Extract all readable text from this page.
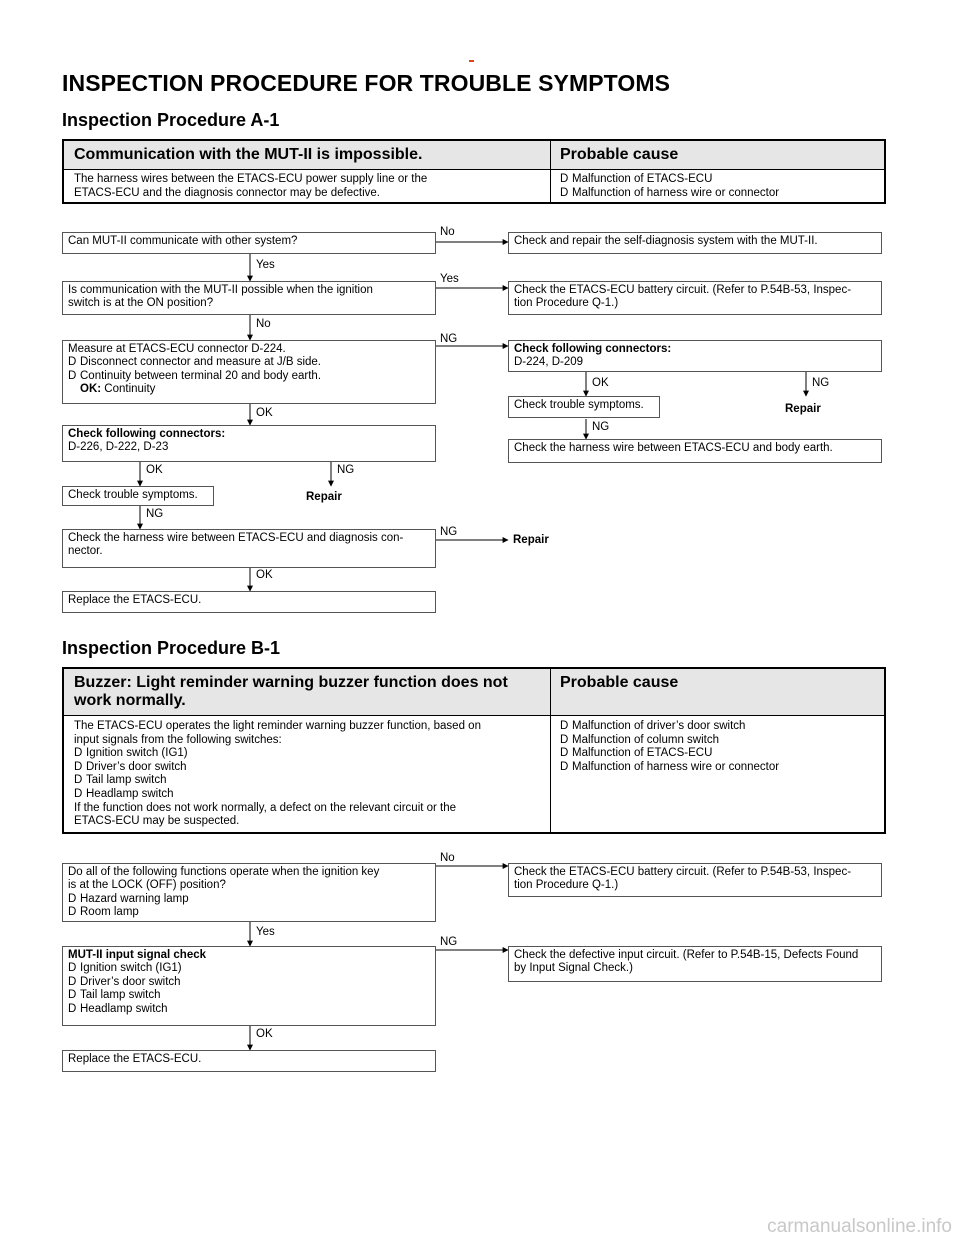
INSPECTION PROCEDURE FOR TROUBLE SYMPTOMS
Inspection Procedure A-1
Communication with the MUT-II is impossible.	Probable cause
The harness wires between the ETACS-ECU power supply line or the
ETACS-ECU and the diagnosis connector may be defective.
D Malfunction of ETACS-ECU
D Malfunction of harness wire or connector
Can MUT-II communicate with other system?
No
Yes
Is communication with the MUT-II possible when the ignition
switch is at the ON position?
Yes
No
Measure at ETACS-ECU connector D-224.
D Disconnect connector and measure at J/B side.
D Continuity between terminal 20 and body earth.
OK: Continuity
NG
OK
Check following connectors:
D-226, D-222, D-23
OK	NG
Check trouble symptoms.	Repair
NG
Check the harness wire between ETACS-ECU and diagnosis con-
nector.
NG
Repair
OK
Replace the ETACS-ECU.
Check and repair the self-diagnosis system with the MUT-II.
Check the ETACS-ECU battery circuit. (Refer to P.54B-53, Inspec-
tion Procedure Q-1.)
Check following connectors:
D-224, D-209
OK	NG
Check trouble symptoms.	Repair
NG
Check the harness wire between ETACS-ECU and body earth.
Inspection Procedure B-1
Buzzer: Light reminder warning buzzer function does not
work normally.
Probable cause
The ETACS-ECU operates the light reminder warning buzzer function, based on
input signals from the following switches:
D Ignition switch (IG1)
D Driver’s door switch
D Tail lamp switch
D Headlamp switch
If the function does not work normally, a defect on the relevant circuit or the
ETACS-ECU may be suspected.
D Malfunction of driver’s door switch
D Malfunction of column switch
D Malfunction of ETACS-ECU
D Malfunction of harness wire or connector
Do all of the following functions operate when the ignition key
is at the LOCK (OFF) position?
D Hazard warning lamp
D Room lamp
No
Yes
Check the ETACS-ECU battery circuit. (Refer to P.54B-53, Inspec-
tion Procedure Q-1.)
MUT-II input signal check
D Ignition switch (IG1)
D Driver’s door switch
D Tail lamp switch
D Headlamp switch
NG
OK
Check the defective input circuit. (Refer to P.54B-15, Defects Found
by Input Signal Check.)
Replace the ETACS-ECU.
carmanualsonline.info
